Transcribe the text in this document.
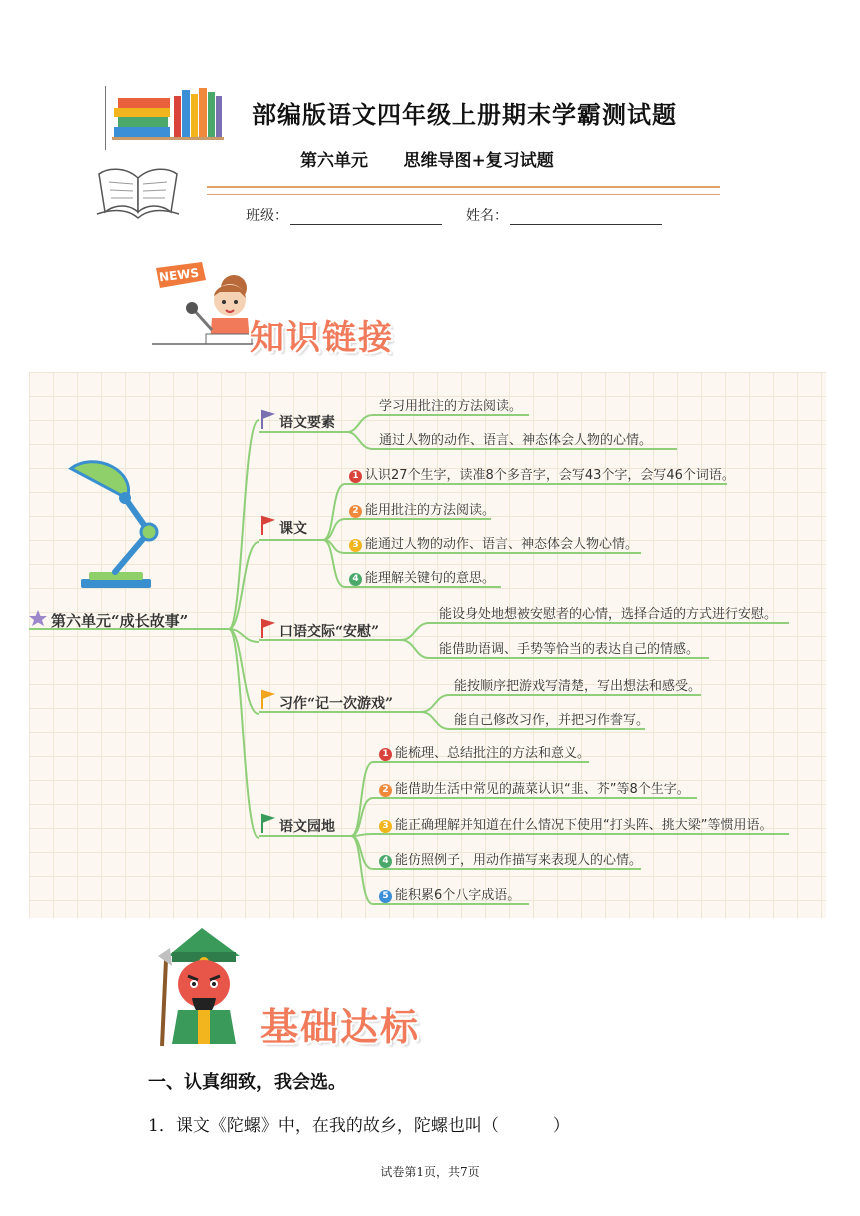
部编版语文四年级上册期末学霸测试题
第六单元      思维导图+复习试题
班级：	姓名：
NEWS
知识链接
第六单元“成长故事”
语文要素
课文
口语交际“安慰”
习作“记一次游戏”
语文园地
学习用批注的方法阅读。
通过人物的动作、语言、神态体会人物的心情。
1 认识27个生字，读准8个多音字，会写43个字，会写46个词语。
2 能用批注的方法阅读。
3 能通过人物的动作、语言、神态体会人物心情。
4 能理解关键句的意思。
能设身处地想被安慰者的心情，选择合适的方式进行安慰。
能借助语调、手势等恰当的表达自己的情感。
能按顺序把游戏写清楚，写出想法和感受。
能自己修改习作，并把习作誊写。
1 能梳理、总结批注的方法和意义。
2 能借助生活中常见的蔬菜认识“韭、芥”等8个生字。
3 能正确理解并知道在什么情况下使用“打头阵、挑大梁”等惯用语。
4 能仿照例子，用动作描写来表现人的心情。
5 能积累6个八字成语。
基础达标
一、认真细致，我会选。
1．课文《陀螺》中，在我的故乡，陀螺也叫（          ）
试卷第1页，共7页
